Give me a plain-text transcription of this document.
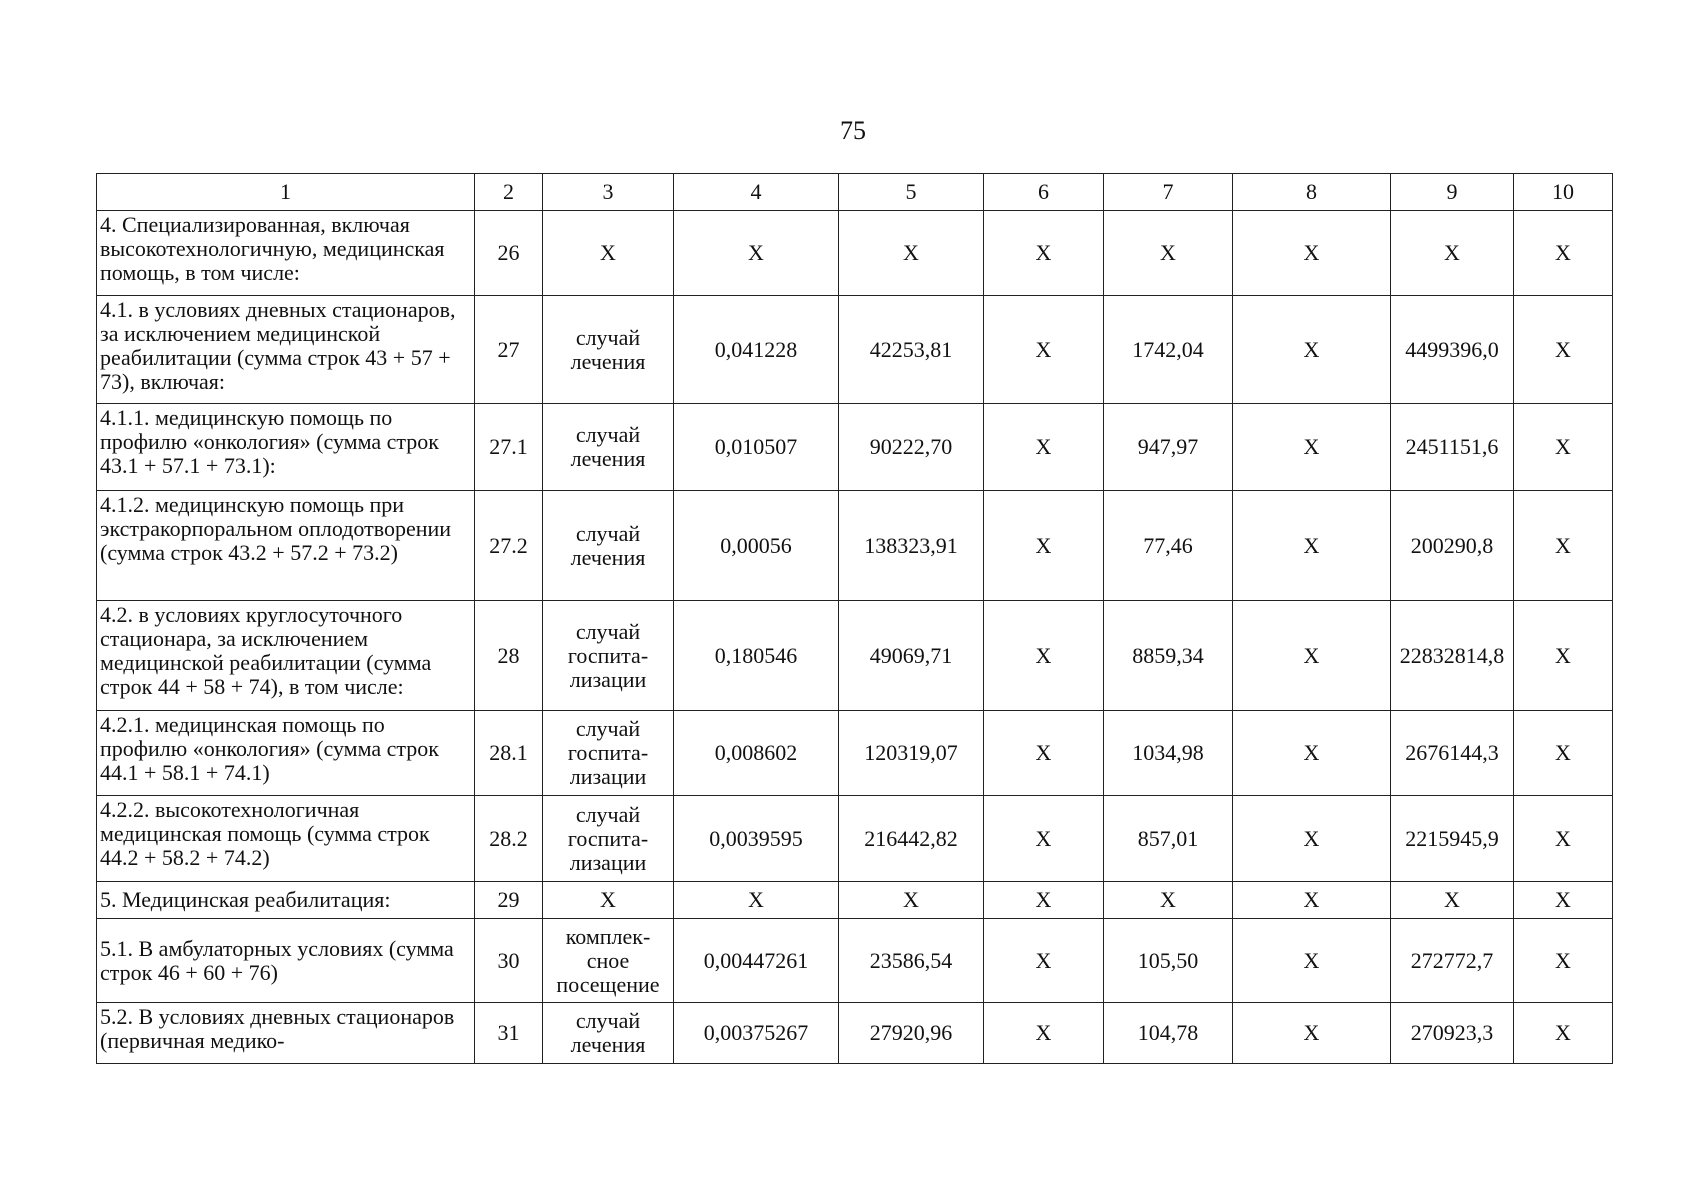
75
1	2	3	4	5	6	7	8	9	10
4. Специализированная, включая высокотехнологичную, медицинская помощь, в том числе:	26	X	X	X	X	X	X	X	X
4.1. в условиях дневных стационаров, за исключением медицинской реабилитации (сумма строк 43 + 57 + 73), включая:	27	случай лечения	0,041228	42253,81	X	1742,04	X	4499396,0	X
4.1.1. медицинскую помощь по профилю «онкология» (сумма строк 43.1 + 57.1 + 73.1):	27.1	случай лечения	0,010507	90222,70	X	947,97	X	2451151,6	X
4.1.2. медицинскую помощь при экстракорпоральном оплодотворении (сумма строк 43.2 + 57.2 + 73.2)	27.2	случай лечения	0,00056	138323,91	X	77,46	X	200290,8	X
4.2. в условиях круглосуточного стационара, за исключением медицинской реабилитации (сумма строк 44 + 58 + 74), в том числе:	28	случай госпита-лизации	0,180546	49069,71	X	8859,34	X	22832814,8	X
4.2.1. медицинская помощь по профилю «онкология» (сумма строк 44.1 + 58.1 + 74.1)	28.1	случай госпита-лизации	0,008602	120319,07	X	1034,98	X	2676144,3	X
4.2.2. высокотехнологичная медицинская помощь (сумма строк 44.2 + 58.2 + 74.2)	28.2	случай госпита-лизации	0,0039595	216442,82	X	857,01	X	2215945,9	X
5. Медицинская реабилитация:	29	X	X	X	X	X	X	X	X
5.1. В амбулаторных условиях (сумма строк 46 + 60 + 76)	30	комплек-сное посещение	0,00447261	23586,54	X	105,50	X	272772,7	X
5.2. В условиях дневных стационаров (первичная медико-	31	случай лечения	0,00375267	27920,96	X	104,78	X	270923,3	X
